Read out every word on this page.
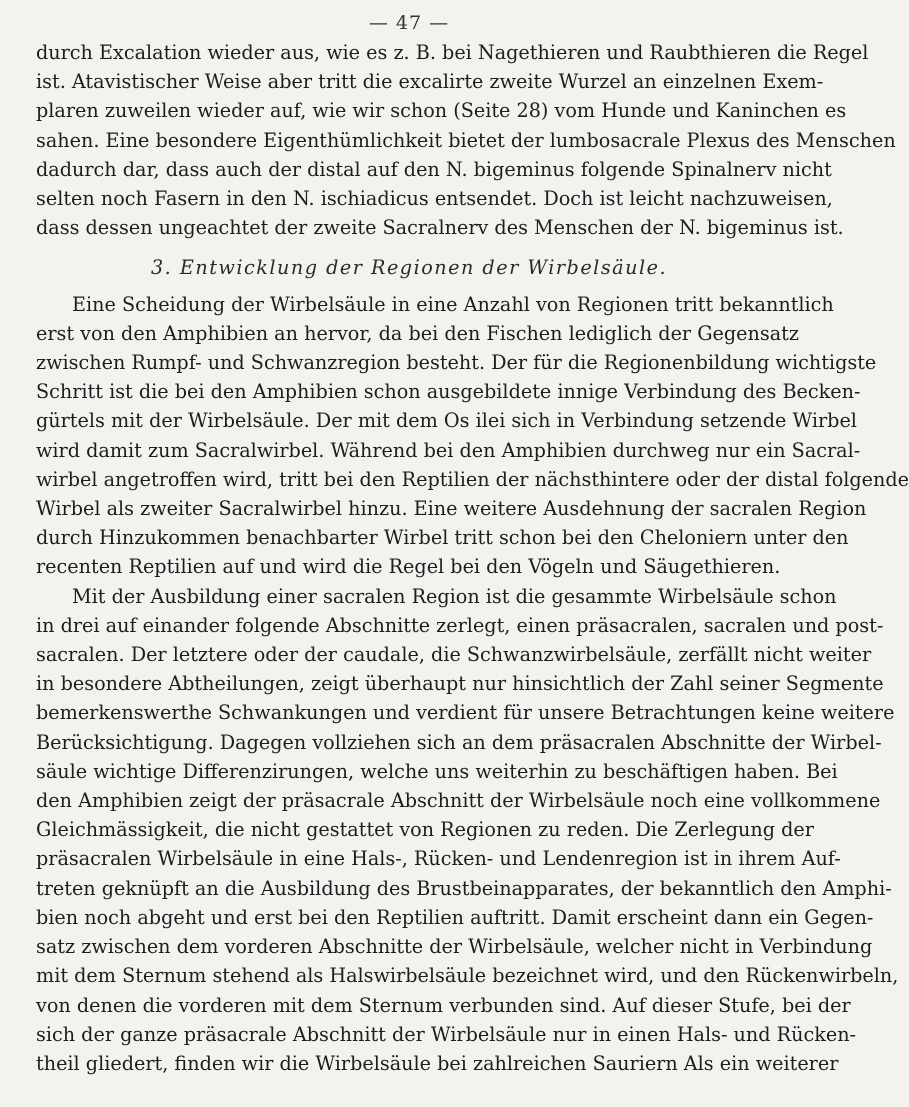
— 47 —
durch Excalation wieder aus, wie es z. B. bei Nagethieren und Raubthieren die Regel
ist. Atavistischer Weise aber tritt die excalirte zweite Wurzel an einzelnen Exem-
plaren zuweilen wieder auf, wie wir schon (Seite 28) vom Hunde und Kaninchen es
sahen. Eine besondere Eigenthümlichkeit bietet der lumbosacrale Plexus des Menschen
dadurch dar, dass auch der distal auf den N. bigeminus folgende Spinalnerv nicht
selten noch Fasern in den N. ischiadicus entsendet. Doch ist leicht nachzuweisen,
dass dessen ungeachtet der zweite Sacralnerv des Menschen der N. bigeminus ist.
3. Entwicklung der Regionen der Wirbelsäule.
Eine Scheidung der Wirbelsäule in eine Anzahl von Regionen tritt bekanntlich
erst von den Amphibien an hervor, da bei den Fischen lediglich der Gegensatz
zwischen Rumpf- und Schwanzregion besteht. Der für die Regionenbildung wichtigste
Schritt ist die bei den Amphibien schon ausgebildete innige Verbindung des Becken-
gürtels mit der Wirbelsäule. Der mit dem Os ilei sich in Verbindung setzende Wirbel
wird damit zum Sacralwirbel. Während bei den Amphibien durchweg nur ein Sacral-
wirbel angetroffen wird, tritt bei den Reptilien der nächsthintere oder der distal folgende
Wirbel als zweiter Sacralwirbel hinzu. Eine weitere Ausdehnung der sacralen Region
durch Hinzukommen benachbarter Wirbel tritt schon bei den Cheloniern unter den
recenten Reptilien auf und wird die Regel bei den Vögeln und Säugethieren.
Mit der Ausbildung einer sacralen Region ist die gesammte Wirbelsäule schon
in drei auf einander folgende Abschnitte zerlegt, einen präsacralen, sacralen und post-
sacralen. Der letztere oder der caudale, die Schwanzwirbelsäule, zerfällt nicht weiter
in besondere Abtheilungen, zeigt überhaupt nur hinsichtlich der Zahl seiner Segmente
bemerkenswerthe Schwankungen und verdient für unsere Betrachtungen keine weitere
Berücksichtigung. Dagegen vollziehen sich an dem präsacralen Abschnitte der Wirbel-
säule wichtige Differenzirungen, welche uns weiterhin zu beschäftigen haben. Bei
den Amphibien zeigt der präsacrale Abschnitt der Wirbelsäule noch eine vollkommene
Gleichmässigkeit, die nicht gestattet von Regionen zu reden. Die Zerlegung der
präsacralen Wirbelsäule in eine Hals-, Rücken- und Lendenregion ist in ihrem Auf-
treten geknüpft an die Ausbildung des Brustbeinapparates, der bekanntlich den Amphi-
bien noch abgeht und erst bei den Reptilien auftritt. Damit erscheint dann ein Gegen-
satz zwischen dem vorderen Abschnitte der Wirbelsäule, welcher nicht in Verbindung
mit dem Sternum stehend als Halswirbelsäule bezeichnet wird, und den Rückenwirbeln,
von denen die vorderen mit dem Sternum verbunden sind. Auf dieser Stufe, bei der
sich der ganze präsacrale Abschnitt der Wirbelsäule nur in einen Hals- und Rücken-
theil gliedert, finden wir die Wirbelsäule bei zahlreichen Sauriern Als ein weiterer
